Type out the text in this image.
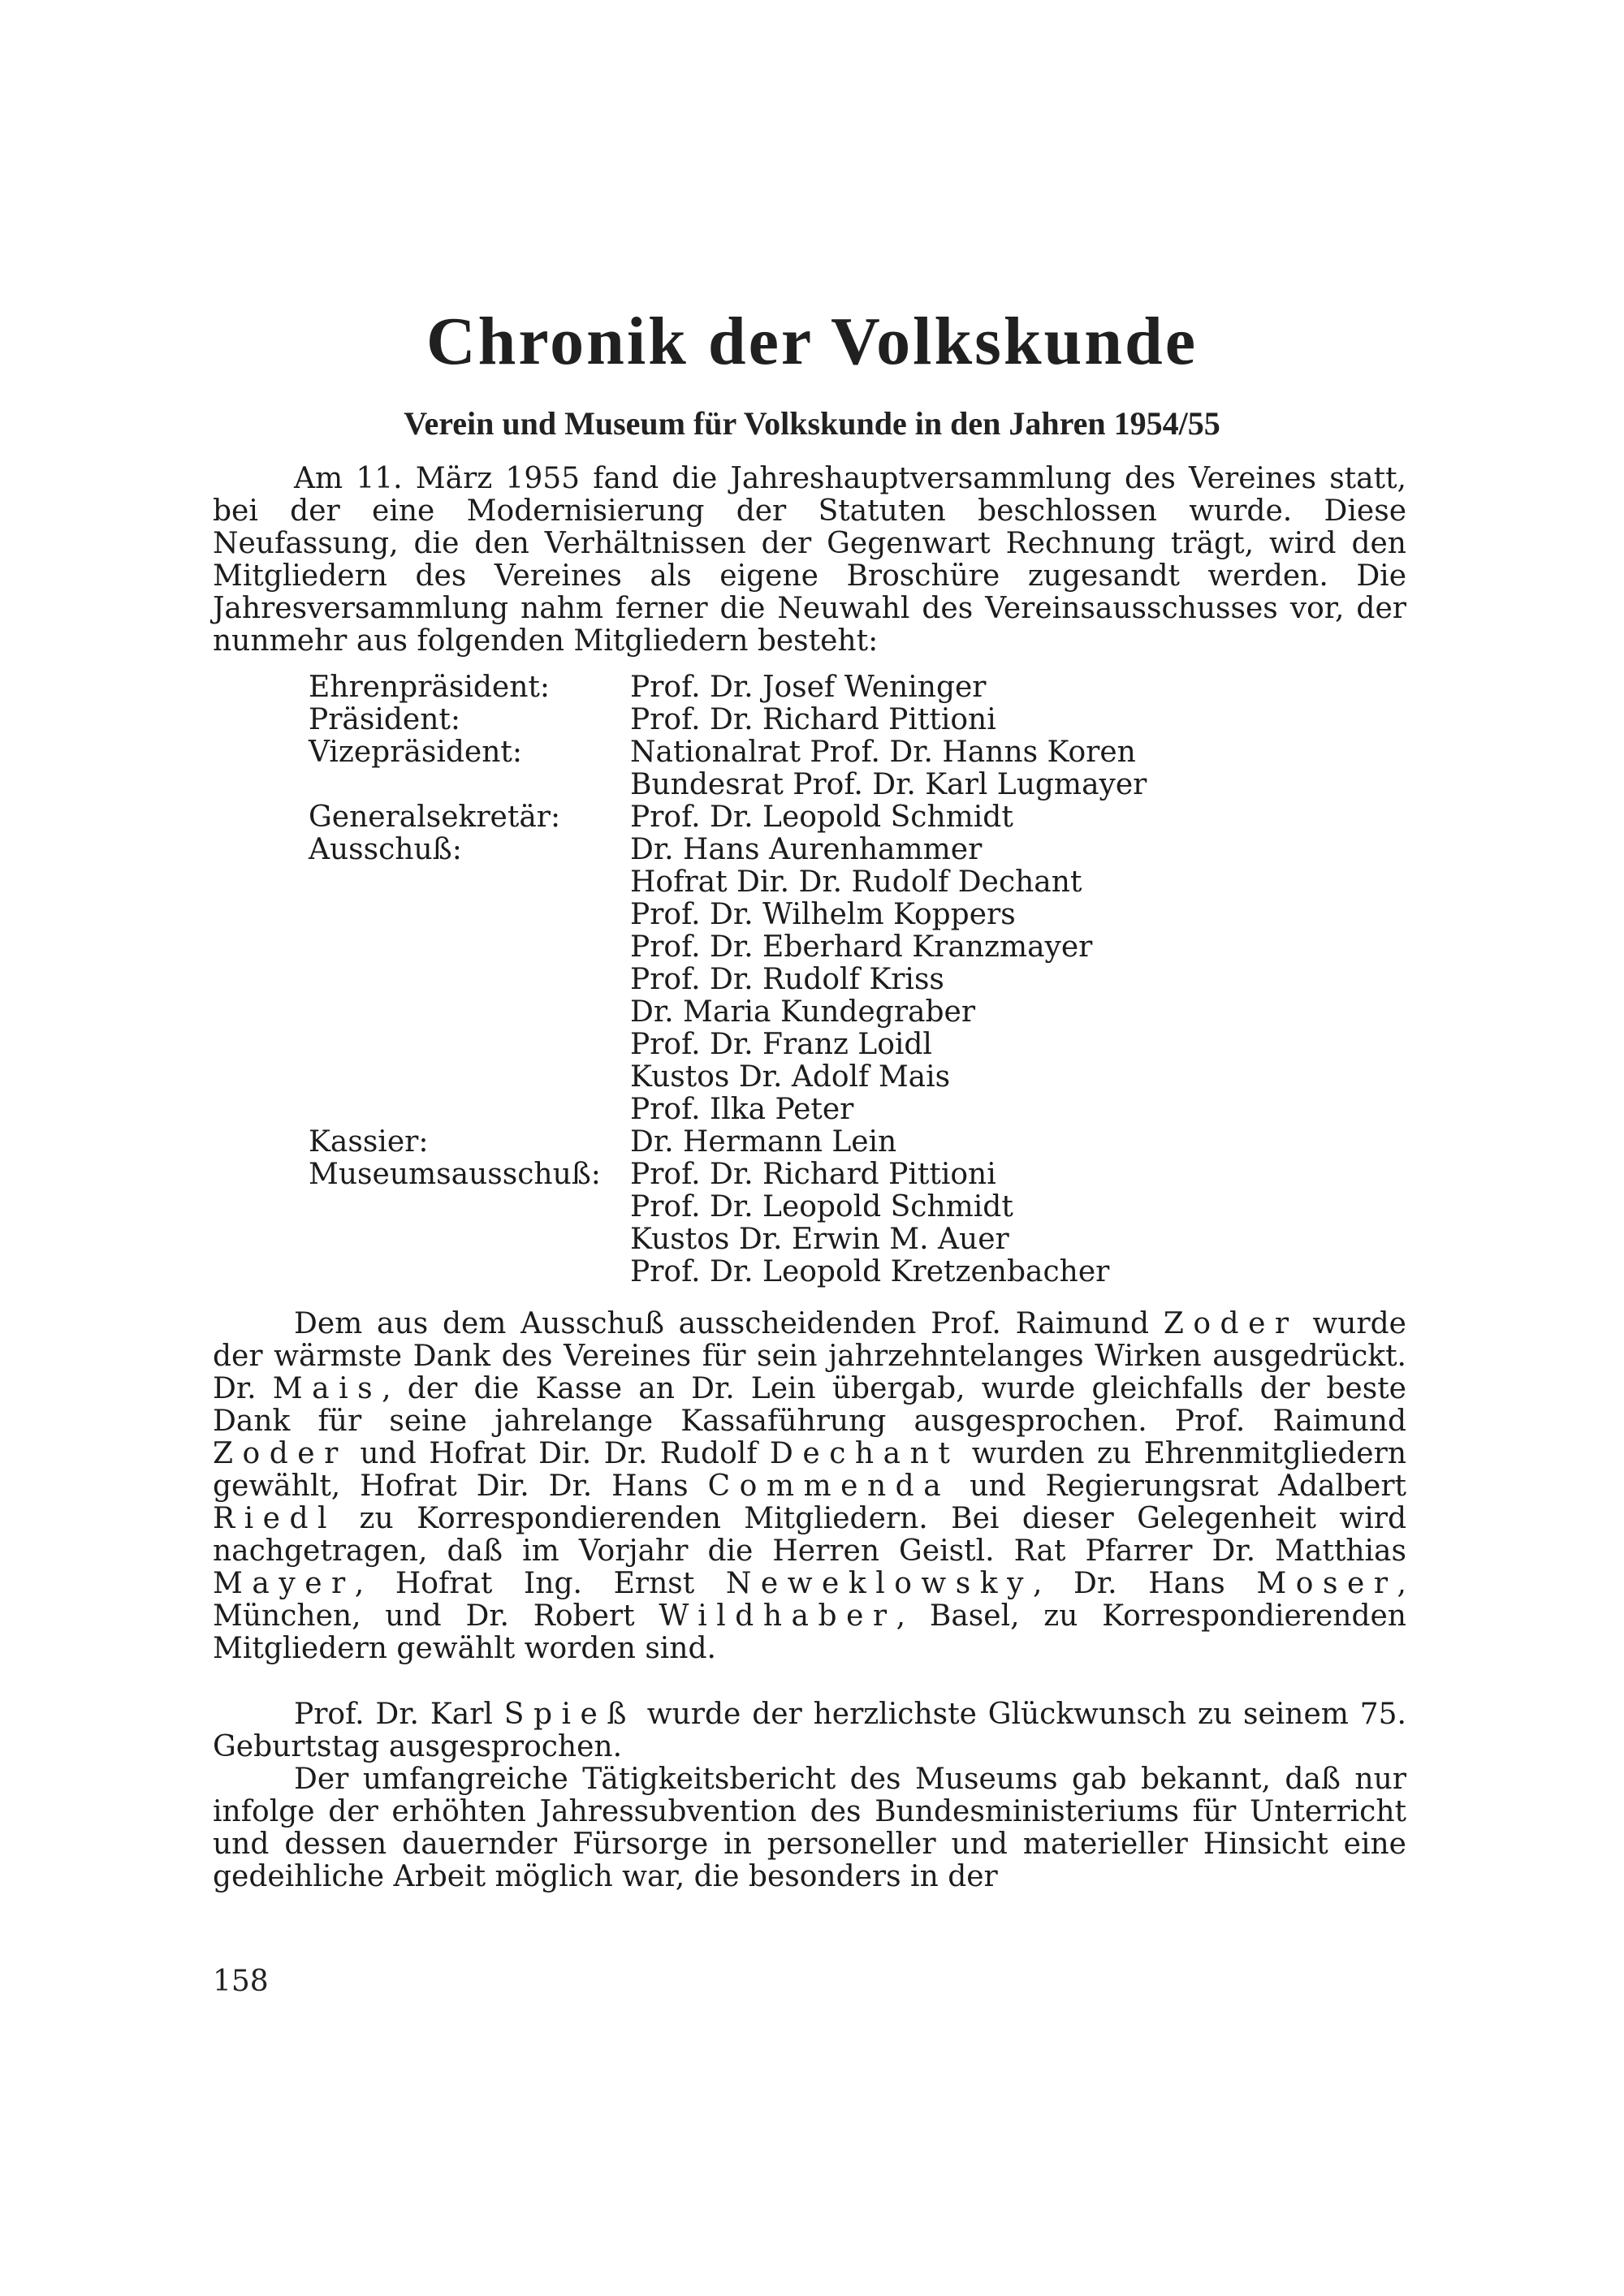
Chronik der Volkskunde
Verein und Museum für Volkskunde in den Jahren 1954/55

Am 11. März 1955 fand die Jahreshauptversammlung des Vereines statt, bei der eine Modernisierung der Statuten beschlossen wurde. Diese Neufassung, die den Verhältnissen der Gegenwart Rechnung trägt, wird den Mitgliedern des Vereines als eigene Broschüre zugesandt werden. Die Jahresversammlung nahm ferner die Neuwahl des Vereinsausschusses vor, der nunmehr aus folgenden Mitgliedern besteht:

Ehrenpräsident:	Prof. Dr. Josef Weninger
Präsident:	Prof. Dr. Richard Pittioni
Vizepräsident:	Nationalrat Prof. Dr. Hanns Koren
Bundesrat Prof. Dr. Karl Lugmayer
Generalsekretär:	Prof. Dr. Leopold Schmidt
Ausschuß:	Dr. Hans Aurenhammer
Hofrat Dir. Dr. Rudolf Dechant
Prof. Dr. Wilhelm Koppers
Prof. Dr. Eberhard Kranzmayer
Prof. Dr. Rudolf Kriss
Dr. Maria Kundegraber
Prof. Dr. Franz Loidl
Kustos Dr. Adolf Mais
Prof. Ilka Peter
Kassier:	Dr. Hermann Lein
Museumsausschuß:	Prof. Dr. Richard Pittioni
Prof. Dr. Leopold Schmidt
Kustos Dr. Erwin M. Auer
Prof. Dr. Leopold Kretzenbacher

Dem aus dem Ausschuß ausscheidenden Prof. Raimund Zoder wurde der wärmste Dank des Vereines für sein jahrzehntelanges Wirken ausgedrückt. Dr. Mais, der die Kasse an Dr. Lein übergab, wurde gleichfalls der beste Dank für seine jahrelange Kassaführung ausgesprochen. Prof. Raimund Zoder und Hofrat Dir. Dr. Rudolf Dechant wurden zu Ehrenmitgliedern gewählt, Hofrat Dir. Dr. Hans Commenda und Regierungsrat Adalbert Riedl zu Korrespondierenden Mitgliedern. Bei dieser Gelegenheit wird nachgetragen, daß im Vorjahr die Herren Geistl. Rat Pfarrer Dr. Matthias Mayer, Hofrat Ing. Ernst Neweklowsky, Dr. Hans Moser, München, und Dr. Robert Wildhaber, Basel, zu Korrespondierenden Mitgliedern gewählt worden sind.

Prof. Dr. Karl Spieß wurde der herzlichste Glückwunsch zu seinem 75. Geburtstag ausgesprochen.

Der umfangreiche Tätigkeitsbericht des Museums gab bekannt, daß nur infolge der erhöhten Jahressubvention des Bundesministeriums für Unterricht und dessen dauernder Fürsorge in personeller und materieller Hinsicht eine gedeihliche Arbeit möglich war, die besonders in der

158
